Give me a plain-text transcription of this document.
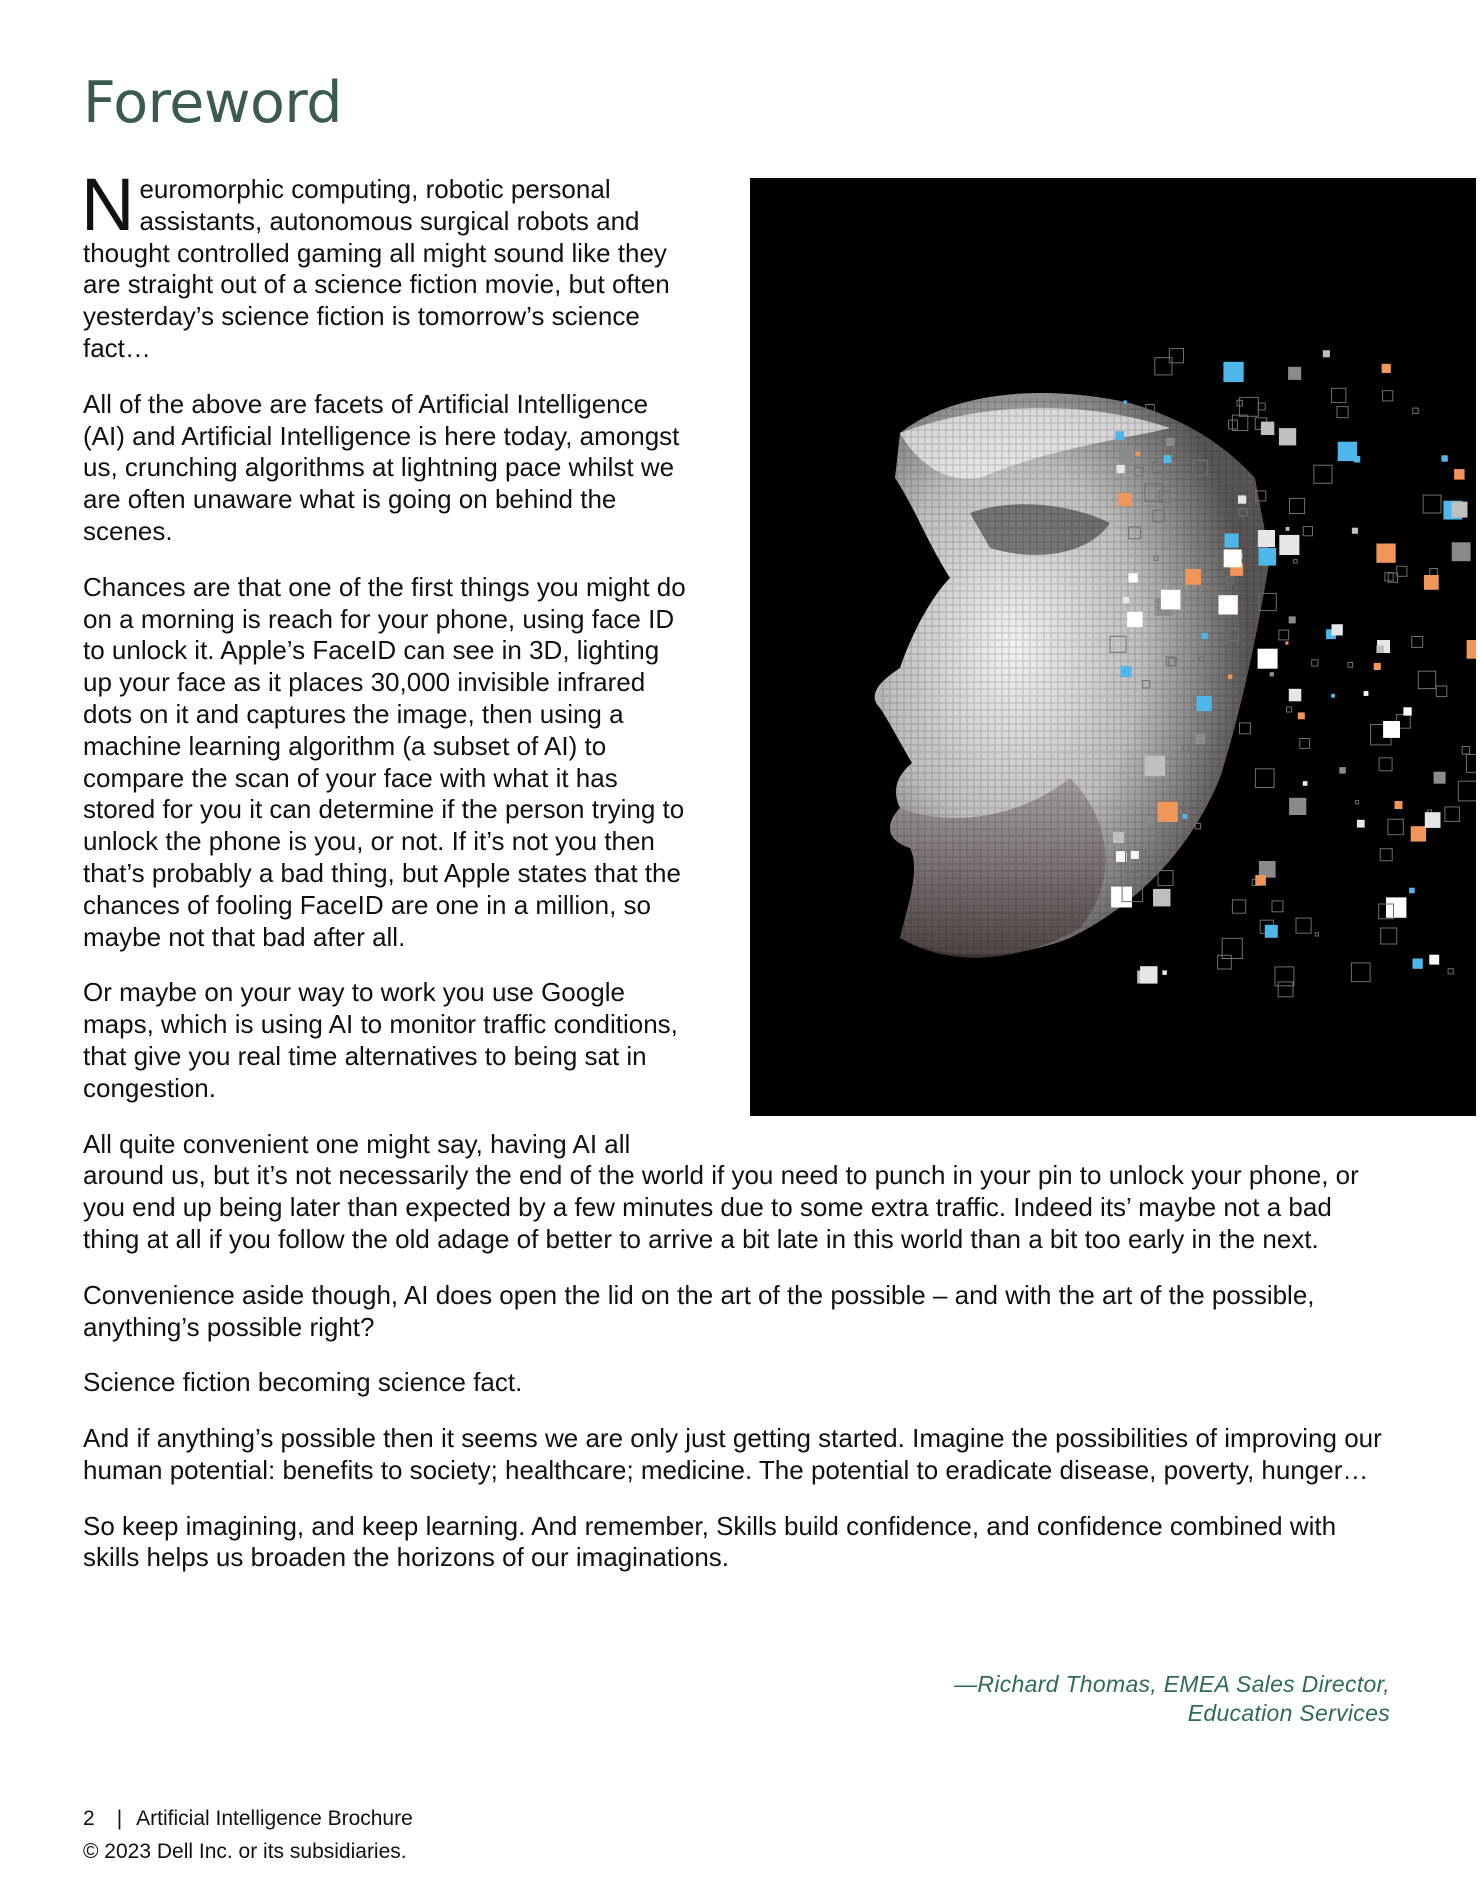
Foreword

Neuromorphic computing, robotic personal assistants, autonomous surgical robots and thought controlled gaming all might sound like they are straight out of a science fiction movie, but often yesterday’s science fiction is tomorrow’s science fact…

All of the above are facets of Artificial Intelligence (AI) and Artificial Intelligence is here today, amongst us, crunching algorithms at lightning pace whilst we are often unaware what is going on behind the scenes.

Chances are that one of the first things you might do on a morning is reach for your phone, using face ID to unlock it. Apple’s FaceID can see in 3D, lighting up your face as it places 30,000 invisible infrared dots on it and captures the image, then using a machine learning algorithm (a subset of AI) to compare the scan of your face with what it has stored for you it can determine if the person trying to unlock the phone is you, or not. If it’s not you then that’s probably a bad thing, but Apple states that the chances of fooling FaceID are one in a million, so maybe not that bad after all.

Or maybe on your way to work you use Google maps, which is using AI to monitor traffic conditions, that give you real time alternatives to being sat in congestion.

All quite convenient one might say, having AI all around us, but it’s not necessarily the end of the world if you need to punch in your pin to unlock your phone, or you end up being later than expected by a few minutes due to some extra traffic. Indeed its’ maybe not a bad thing at all if you follow the old adage of better to arrive a bit late in this world than a bit too early in the next.

Convenience aside though, AI does open the lid on the art of the possible – and with the art of the possible, anything’s possible right?

Science fiction becoming science fact.

And if anything’s possible then it seems we are only just getting started. Imagine the possibilities of improving our human potential: benefits to society; healthcare; medicine. The potential to eradicate disease, poverty, hunger…

So keep imagining, and keep learning. And remember, Skills build confidence, and confidence combined with skills helps us broaden the horizons of our imaginations.

—Richard Thomas, EMEA Sales Director,
Education Services
2 | Artificial Intelligence Brochure
© 2023 Dell Inc. or its subsidiaries.
